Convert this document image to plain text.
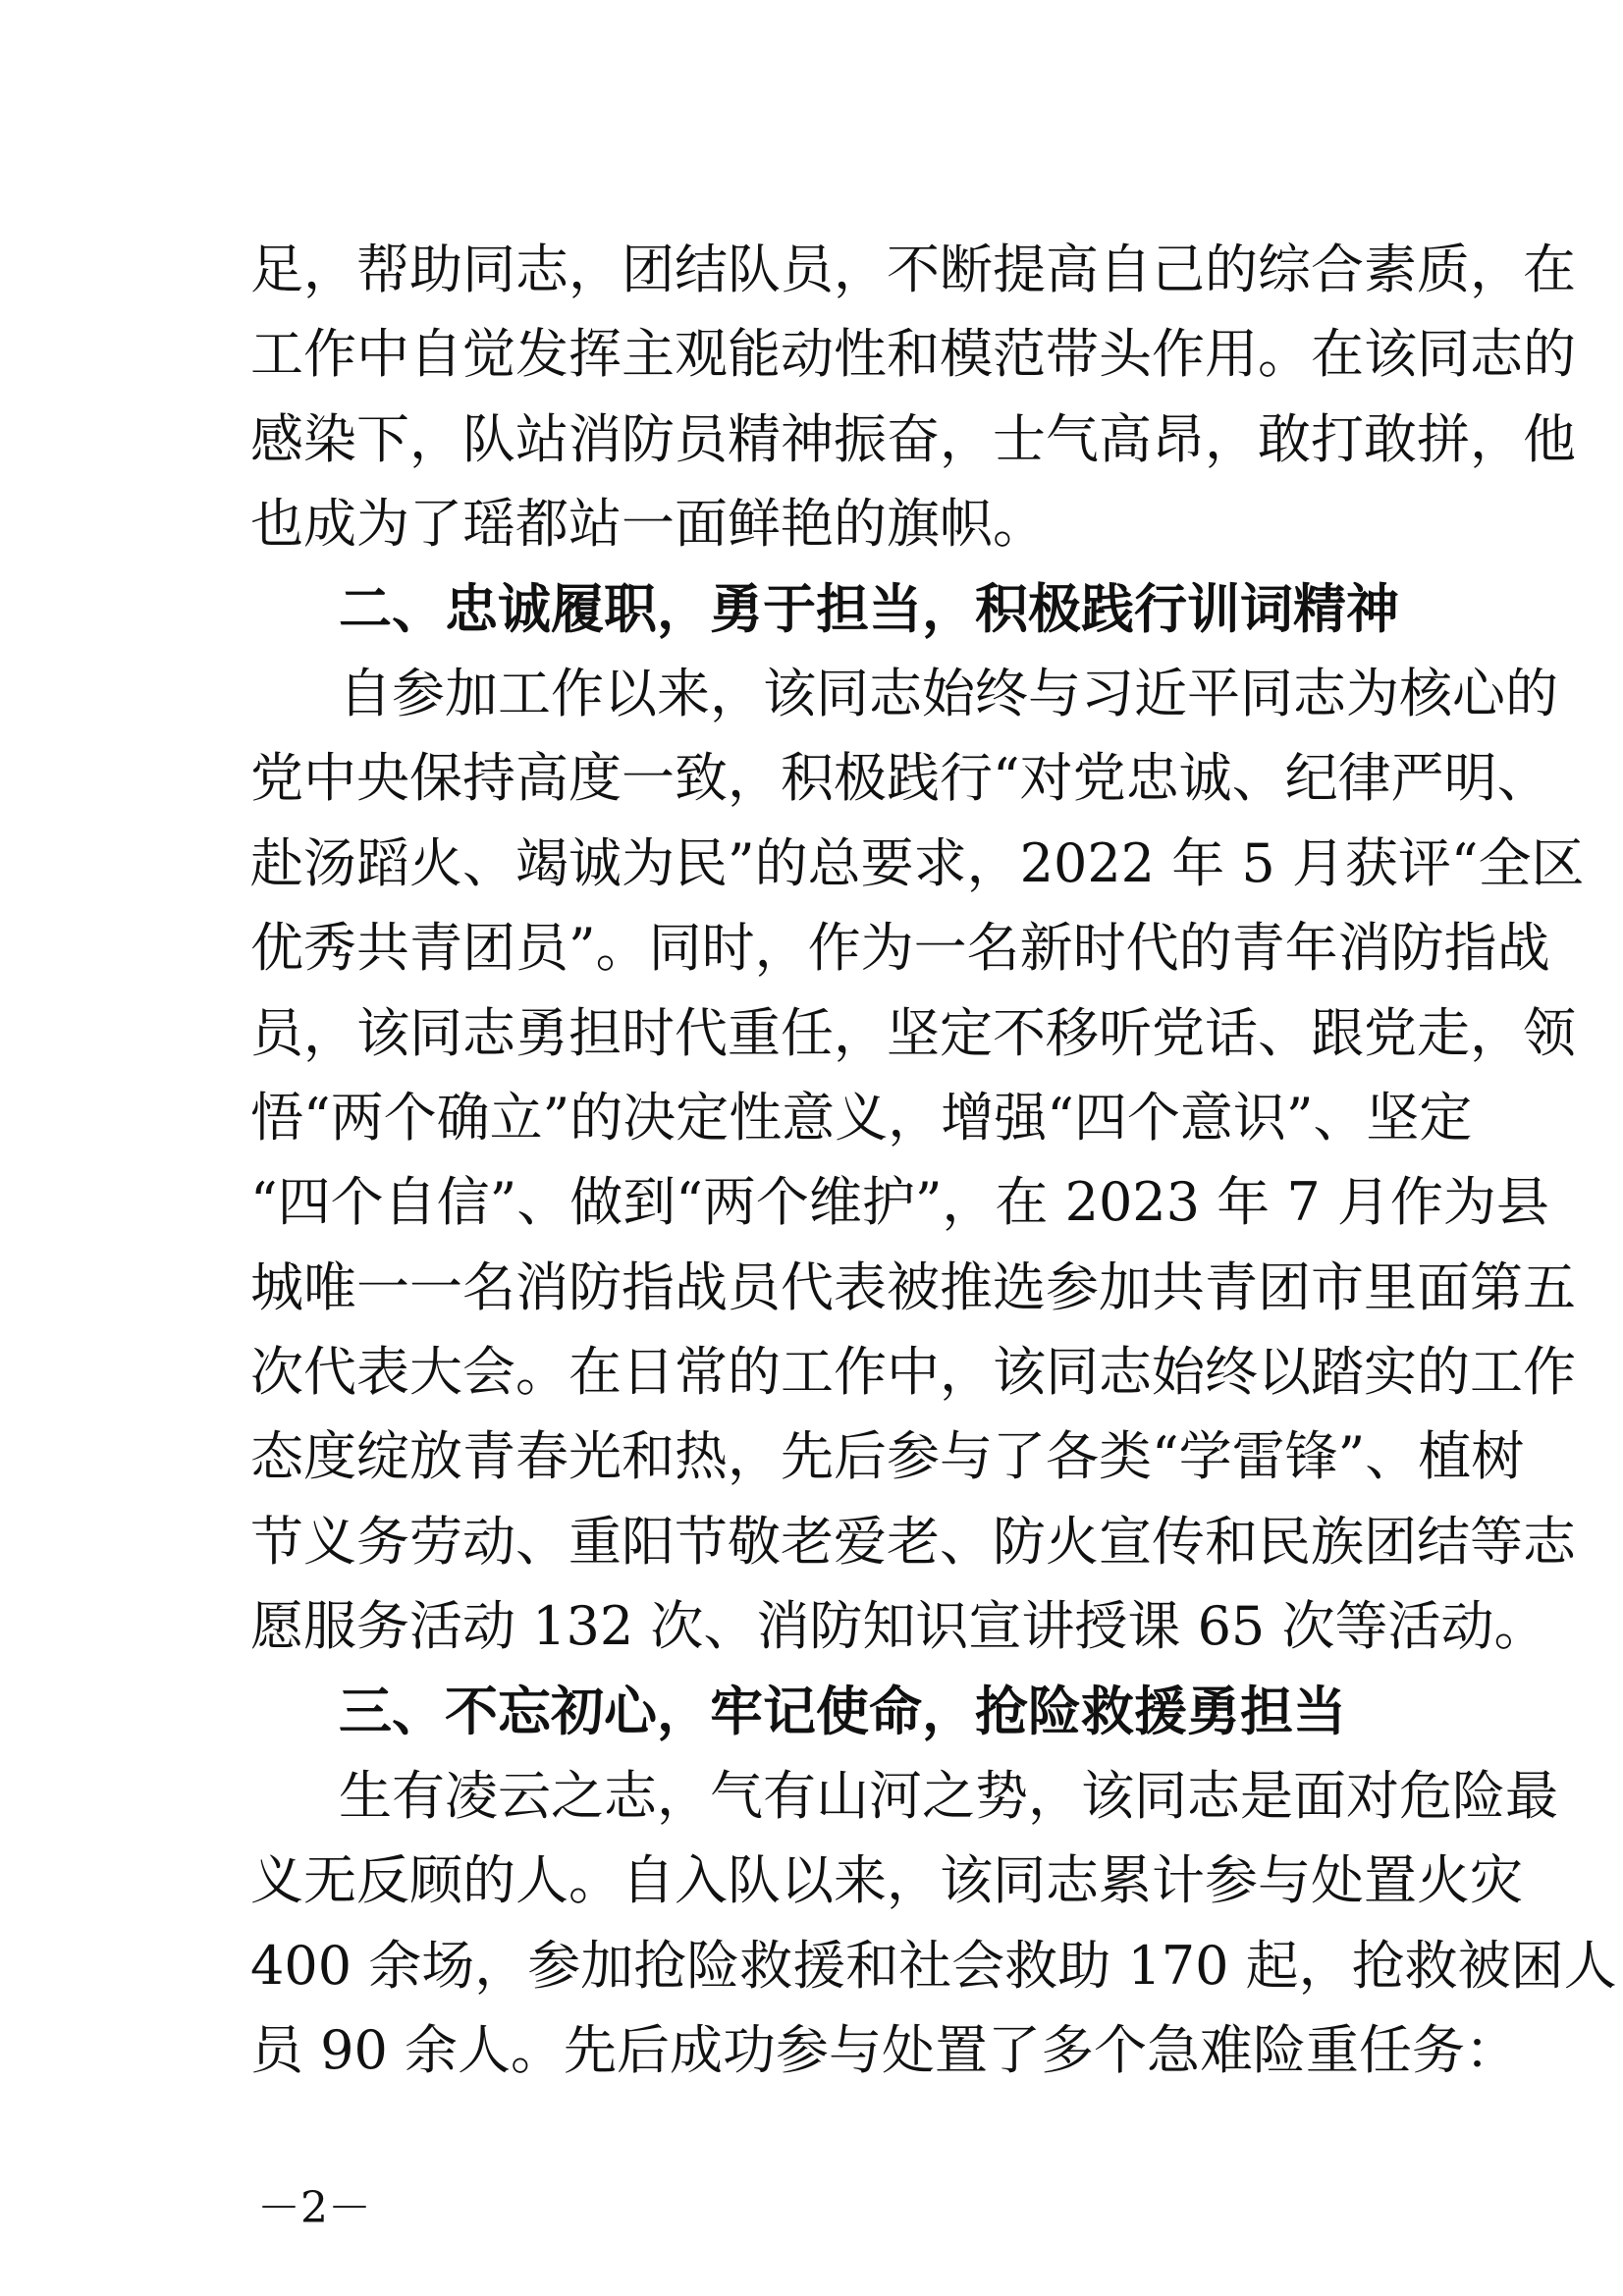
足，帮助同志，团结队员，不断提高自己的综合素质，在
工作中自觉发挥主观能动性和模范带头作用。在该同志的
感染下，队站消防员精神振奋，士气高昂，敢打敢拼，他
也成为了瑶都站一面鲜艳的旗帜。
二、忠诚履职，勇于担当，积极践行训词精神
自参加工作以来，该同志始终与习近平同志为核心的
党中央保持高度一致，积极践行“对党忠诚、纪律严明、
赴汤蹈火、竭诚为民”的总要求，2022 年 5 月获评“全区
优秀共青团员”。同时，作为一名新时代的青年消防指战
员，该同志勇担时代重任，坚定不移听党话、跟党走，领
悟“两个确立”的决定性意义，增强“四个意识”、坚定
“四个自信”、做到“两个维护”，在 2023 年 7 月作为县
城唯一一名消防指战员代表被推选参加共青团市里面第五
次代表大会。在日常的工作中，该同志始终以踏实的工作
态度绽放青春光和热，先后参与了各类“学雷锋”、植树
节义务劳动、重阳节敬老爱老、防火宣传和民族团结等志
愿服务活动 132 次、消防知识宣讲授课 65 次等活动。
三、不忘初心，牢记使命，抢险救援勇担当
生有凌云之志，气有山河之势，该同志是面对危险最
义无反顾的人。自入队以来，该同志累计参与处置火灾
400 余场，参加抢险救援和社会救助 170 起，抢救被困人
员 90 余人。先后成功参与处置了多个急难险重任务：
－2－
